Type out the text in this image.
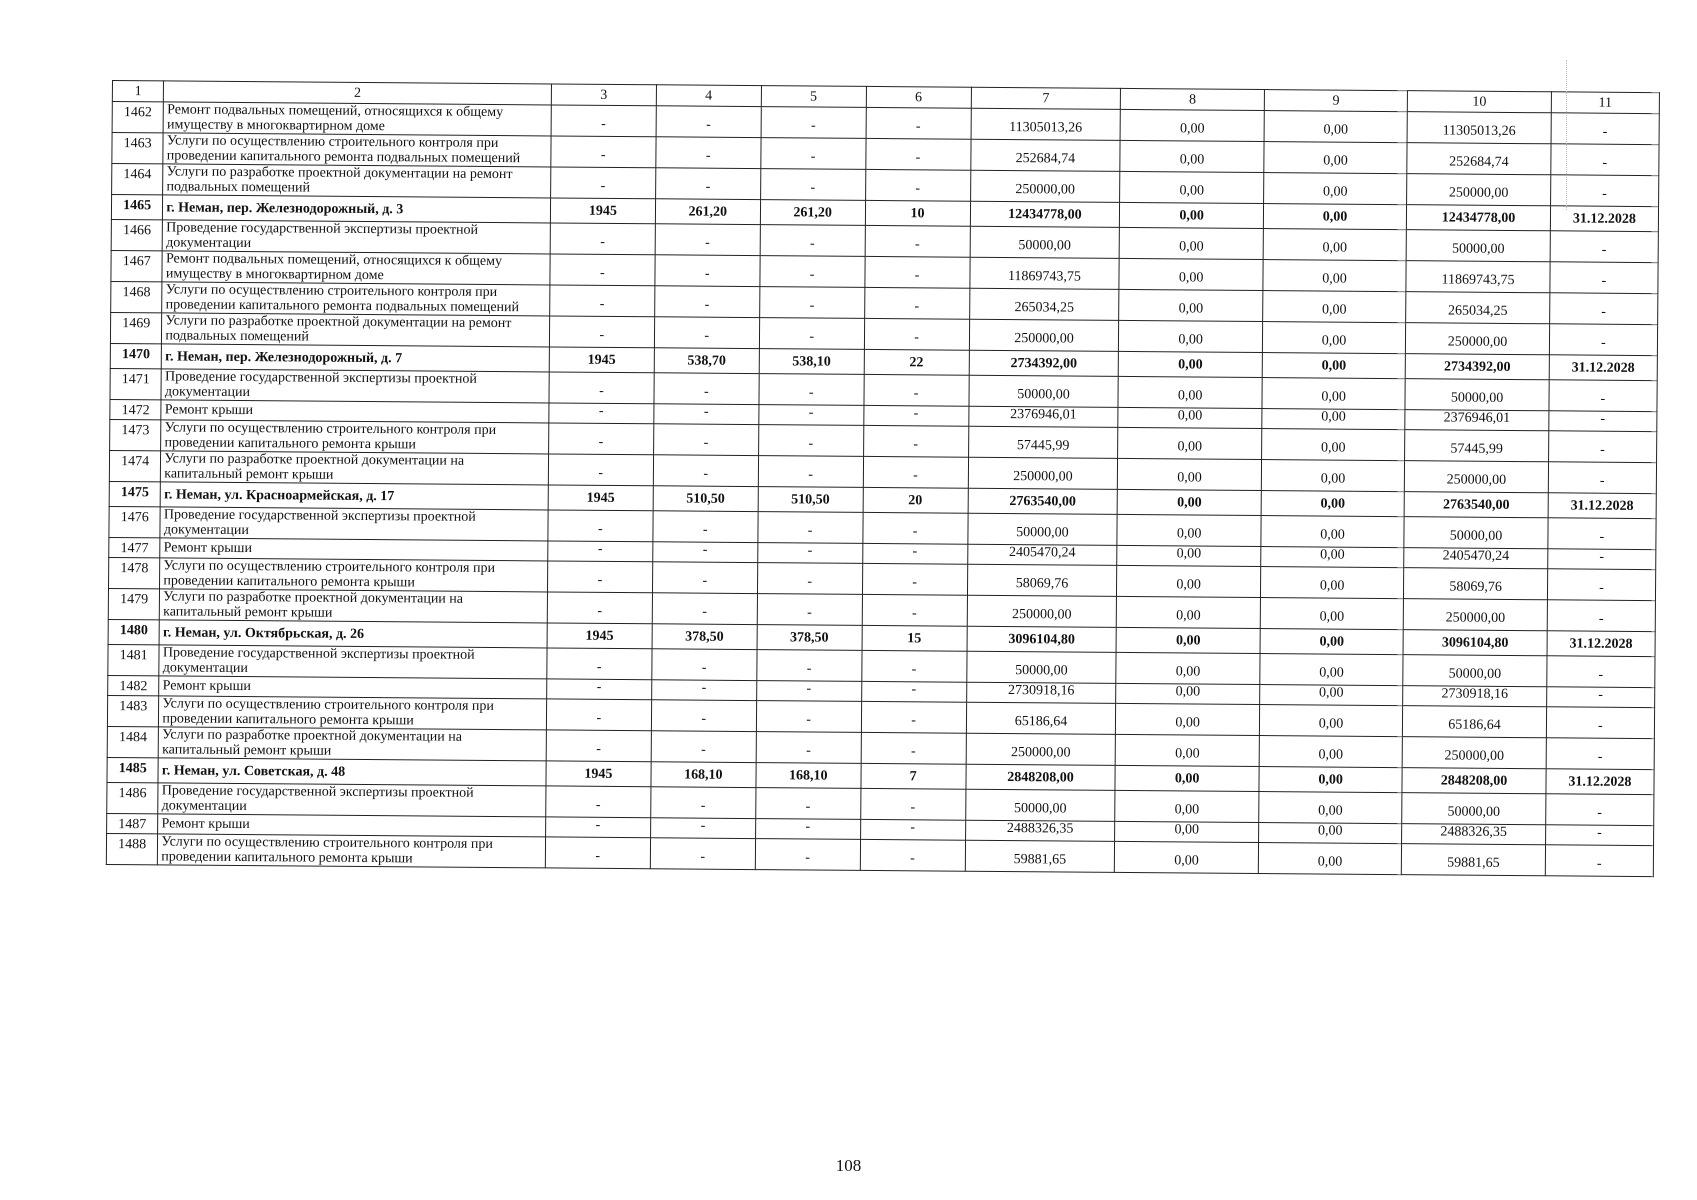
1	2	3	4	5	6	7	8	9	10	11
1462	Ремонт подвальных помещений, относящихся к общему имуществу в многоквартирном доме	-	-	-	-	11305013,26	0,00	0,00	11305013,26	-
1463	Услуги по осуществлению строительного контроля при проведении капитального ремонта подвальных помещений	-	-	-	-	252684,74	0,00	0,00	252684,74	-
1464	Услуги по разработке проектной документации на ремонт подвальных помещений	-	-	-	-	250000,00	0,00	0,00	250000,00	-
1465	г. Неман, пер. Железнодорожный, д. 3	1945	261,20	261,20	10	12434778,00	0,00	0,00	12434778,00	31.12.2028
1466	Проведение государственной экспертизы проектной документации	-	-	-	-	50000,00	0,00	0,00	50000,00	-
1467	Ремонт подвальных помещений, относящихся к общему имуществу в многоквартирном доме	-	-	-	-	11869743,75	0,00	0,00	11869743,75	-
1468	Услуги по осуществлению строительного контроля при проведении капитального ремонта подвальных помещений	-	-	-	-	265034,25	0,00	0,00	265034,25	-
1469	Услуги по разработке проектной документации на ремонт подвальных помещений	-	-	-	-	250000,00	0,00	0,00	250000,00	-
1470	г. Неман, пер. Железнодорожный, д. 7	1945	538,70	538,10	22	2734392,00	0,00	0,00	2734392,00	31.12.2028
1471	Проведение государственной экспертизы проектной документации	-	-	-	-	50000,00	0,00	0,00	50000,00	-
1472	Ремонт крыши	-	-	-	-	2376946,01	0,00	0,00	2376946,01	-
1473	Услуги по осуществлению строительного контроля при проведении капитального ремонта крыши	-	-	-	-	57445,99	0,00	0,00	57445,99	-
1474	Услуги по разработке проектной документации на капитальный ремонт крыши	-	-	-	-	250000,00	0,00	0,00	250000,00	-
1475	г. Неман, ул. Красноармейская, д. 17	1945	510,50	510,50	20	2763540,00	0,00	0,00	2763540,00	31.12.2028
1476	Проведение государственной экспертизы проектной документации	-	-	-	-	50000,00	0,00	0,00	50000,00	-
1477	Ремонт крыши	-	-	-	-	2405470,24	0,00	0,00	2405470,24	-
1478	Услуги по осуществлению строительного контроля при проведении капитального ремонта крыши	-	-	-	-	58069,76	0,00	0,00	58069,76	-
1479	Услуги по разработке проектной документации на капитальный ремонт крыши	-	-	-	-	250000,00	0,00	0,00	250000,00	-
1480	г. Неман, ул. Октябрьская, д. 26	1945	378,50	378,50	15	3096104,80	0,00	0,00	3096104,80	31.12.2028
1481	Проведение государственной экспертизы проектной документации	-	-	-	-	50000,00	0,00	0,00	50000,00	-
1482	Ремонт крыши	-	-	-	-	2730918,16	0,00	0,00	2730918,16	-
1483	Услуги по осуществлению строительного контроля при проведении капитального ремонта крыши	-	-	-	-	65186,64	0,00	0,00	65186,64	-
1484	Услуги по разработке проектной документации на капитальный ремонт крыши	-	-	-	-	250000,00	0,00	0,00	250000,00	-
1485	г. Неман, ул. Советская, д. 48	1945	168,10	168,10	7	2848208,00	0,00	0,00	2848208,00	31.12.2028
1486	Проведение государственной экспертизы проектной документации	-	-	-	-	50000,00	0,00	0,00	50000,00	-
1487	Ремонт крыши	-	-	-	-	2488326,35	0,00	0,00	2488326,35	-
1488	Услуги по осуществлению строительного контроля при проведении капитального ремонта крыши	-	-	-	-	59881,65	0,00	0,00	59881,65	-
108
